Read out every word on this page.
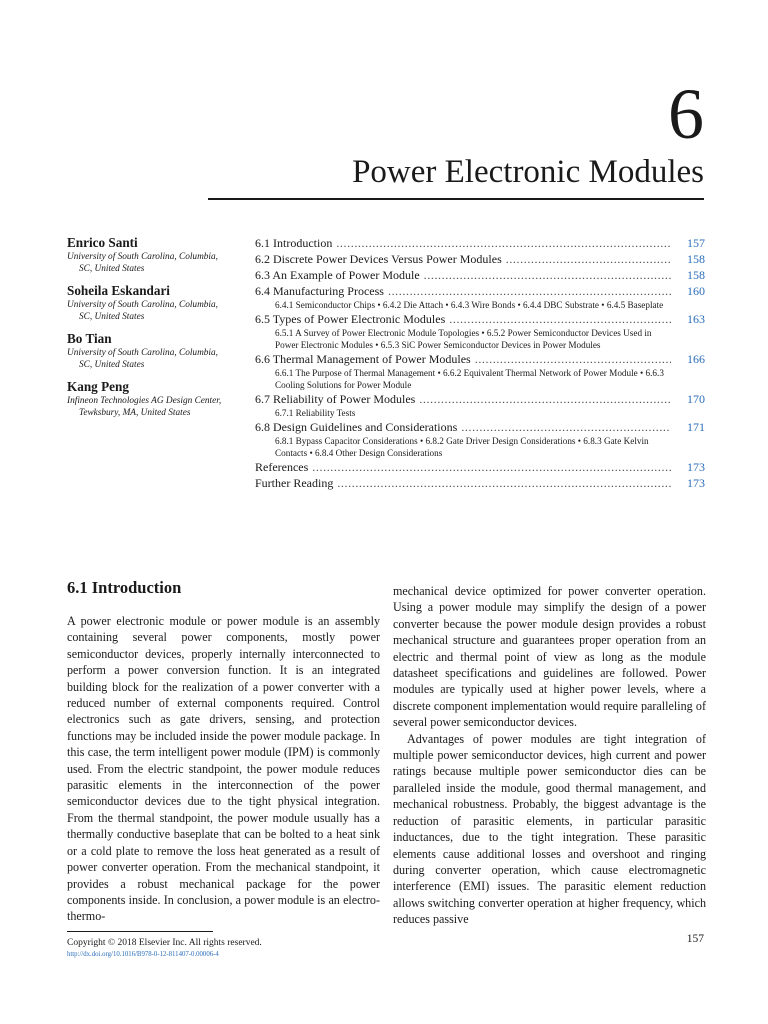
6
Power Electronic Modules
Enrico Santi
University of South Carolina, Columbia,
SC, United States
Soheila Eskandari
University of South Carolina, Columbia,
SC, United States
Bo Tian
University of South Carolina, Columbia,
SC, United States
Kang Peng
Infineon Technologies AG Design Center,
Tewksbury, MA, United States
6.1 Introduction . . .	157
6.2 Discrete Power Devices Versus Power Modules . . .	158
6.3 An Example of Power Module . . .	158
6.4 Manufacturing Process . . .	160
6.4.1 Semiconductor Chips • 6.4.2 Die Attach • 6.4.3 Wire Bonds • 6.4.4 DBC Substrate • 6.4.5 Baseplate
6.5 Types of Power Electronic Modules . . .	163
6.5.1 A Survey of Power Electronic Module Topologies • 6.5.2 Power Semiconductor Devices Used in Power Electronic Modules • 6.5.3 SiC Power Semiconductor Devices in Power Modules
6.6 Thermal Management of Power Modules . . .	166
6.6.1 The Purpose of Thermal Management • 6.6.2 Equivalent Thermal Network of Power Module • 6.6.3 Cooling Solutions for Power Module
6.7 Reliability of Power Modules . . .	170
6.7.1 Reliability Tests
6.8 Design Guidelines and Considerations . . .	171
6.8.1 Bypass Capacitor Considerations • 6.8.2 Gate Driver Design Considerations • 6.8.3 Gate Kelvin Contacts • 6.8.4 Other Design Considerations
References . . .	173
Further Reading . . .	173
6.1 Introduction

A power electronic module or power module is an assembly containing several power components, mostly power semiconductor devices, properly internally interconnected to perform a power conversion function. It is an integrated building block for the realization of a power converter with a reduced number of external components required. Control electronics such as gate drivers, sensing, and protection functions may be included inside the power module package. In this case, the term intelligent power module (IPM) is commonly used. From the electric standpoint, the power module reduces parasitic elements in the interconnection of the power semiconductor devices due to the tight physical integration. From the thermal standpoint, the power module usually has a thermally conductive baseplate that can be bolted to a heat sink or a cold plate to remove the loss heat generated as a result of power converter operation. From the mechanical standpoint, it provides a robust mechanical package for the power components inside. In conclusion, a power module is an electro-thermo-

mechanical device optimized for power converter operation. Using a power module may simplify the design of a power converter because the power module design provides a robust mechanical structure and guarantees proper operation from an electric and thermal point of view as long as the module datasheet specifications and guidelines are followed. Power modules are typically used at higher power levels, where a discrete component implementation would require paralleling of several power semiconductor devices.

Advantages of power modules are tight integration of multiple power semiconductor devices, high current and power ratings because multiple power semiconductor dies can be paralleled inside the module, good thermal management, and mechanical robustness. Probably, the biggest advantage is the reduction of parasitic elements, in particular parasitic inductances, due to the tight integration. These parasitic elements cause additional losses and overshoot and ringing during converter operation, which cause electromagnetic interference (EMI) issues. The parasitic element reduction allows switching converter operation at higher frequency, which reduces passive

Copyright © 2018 Elsevier Inc. All rights reserved.
http://dx.doi.org/10.1016/B978-0-12-811407-0.00006-4
157
